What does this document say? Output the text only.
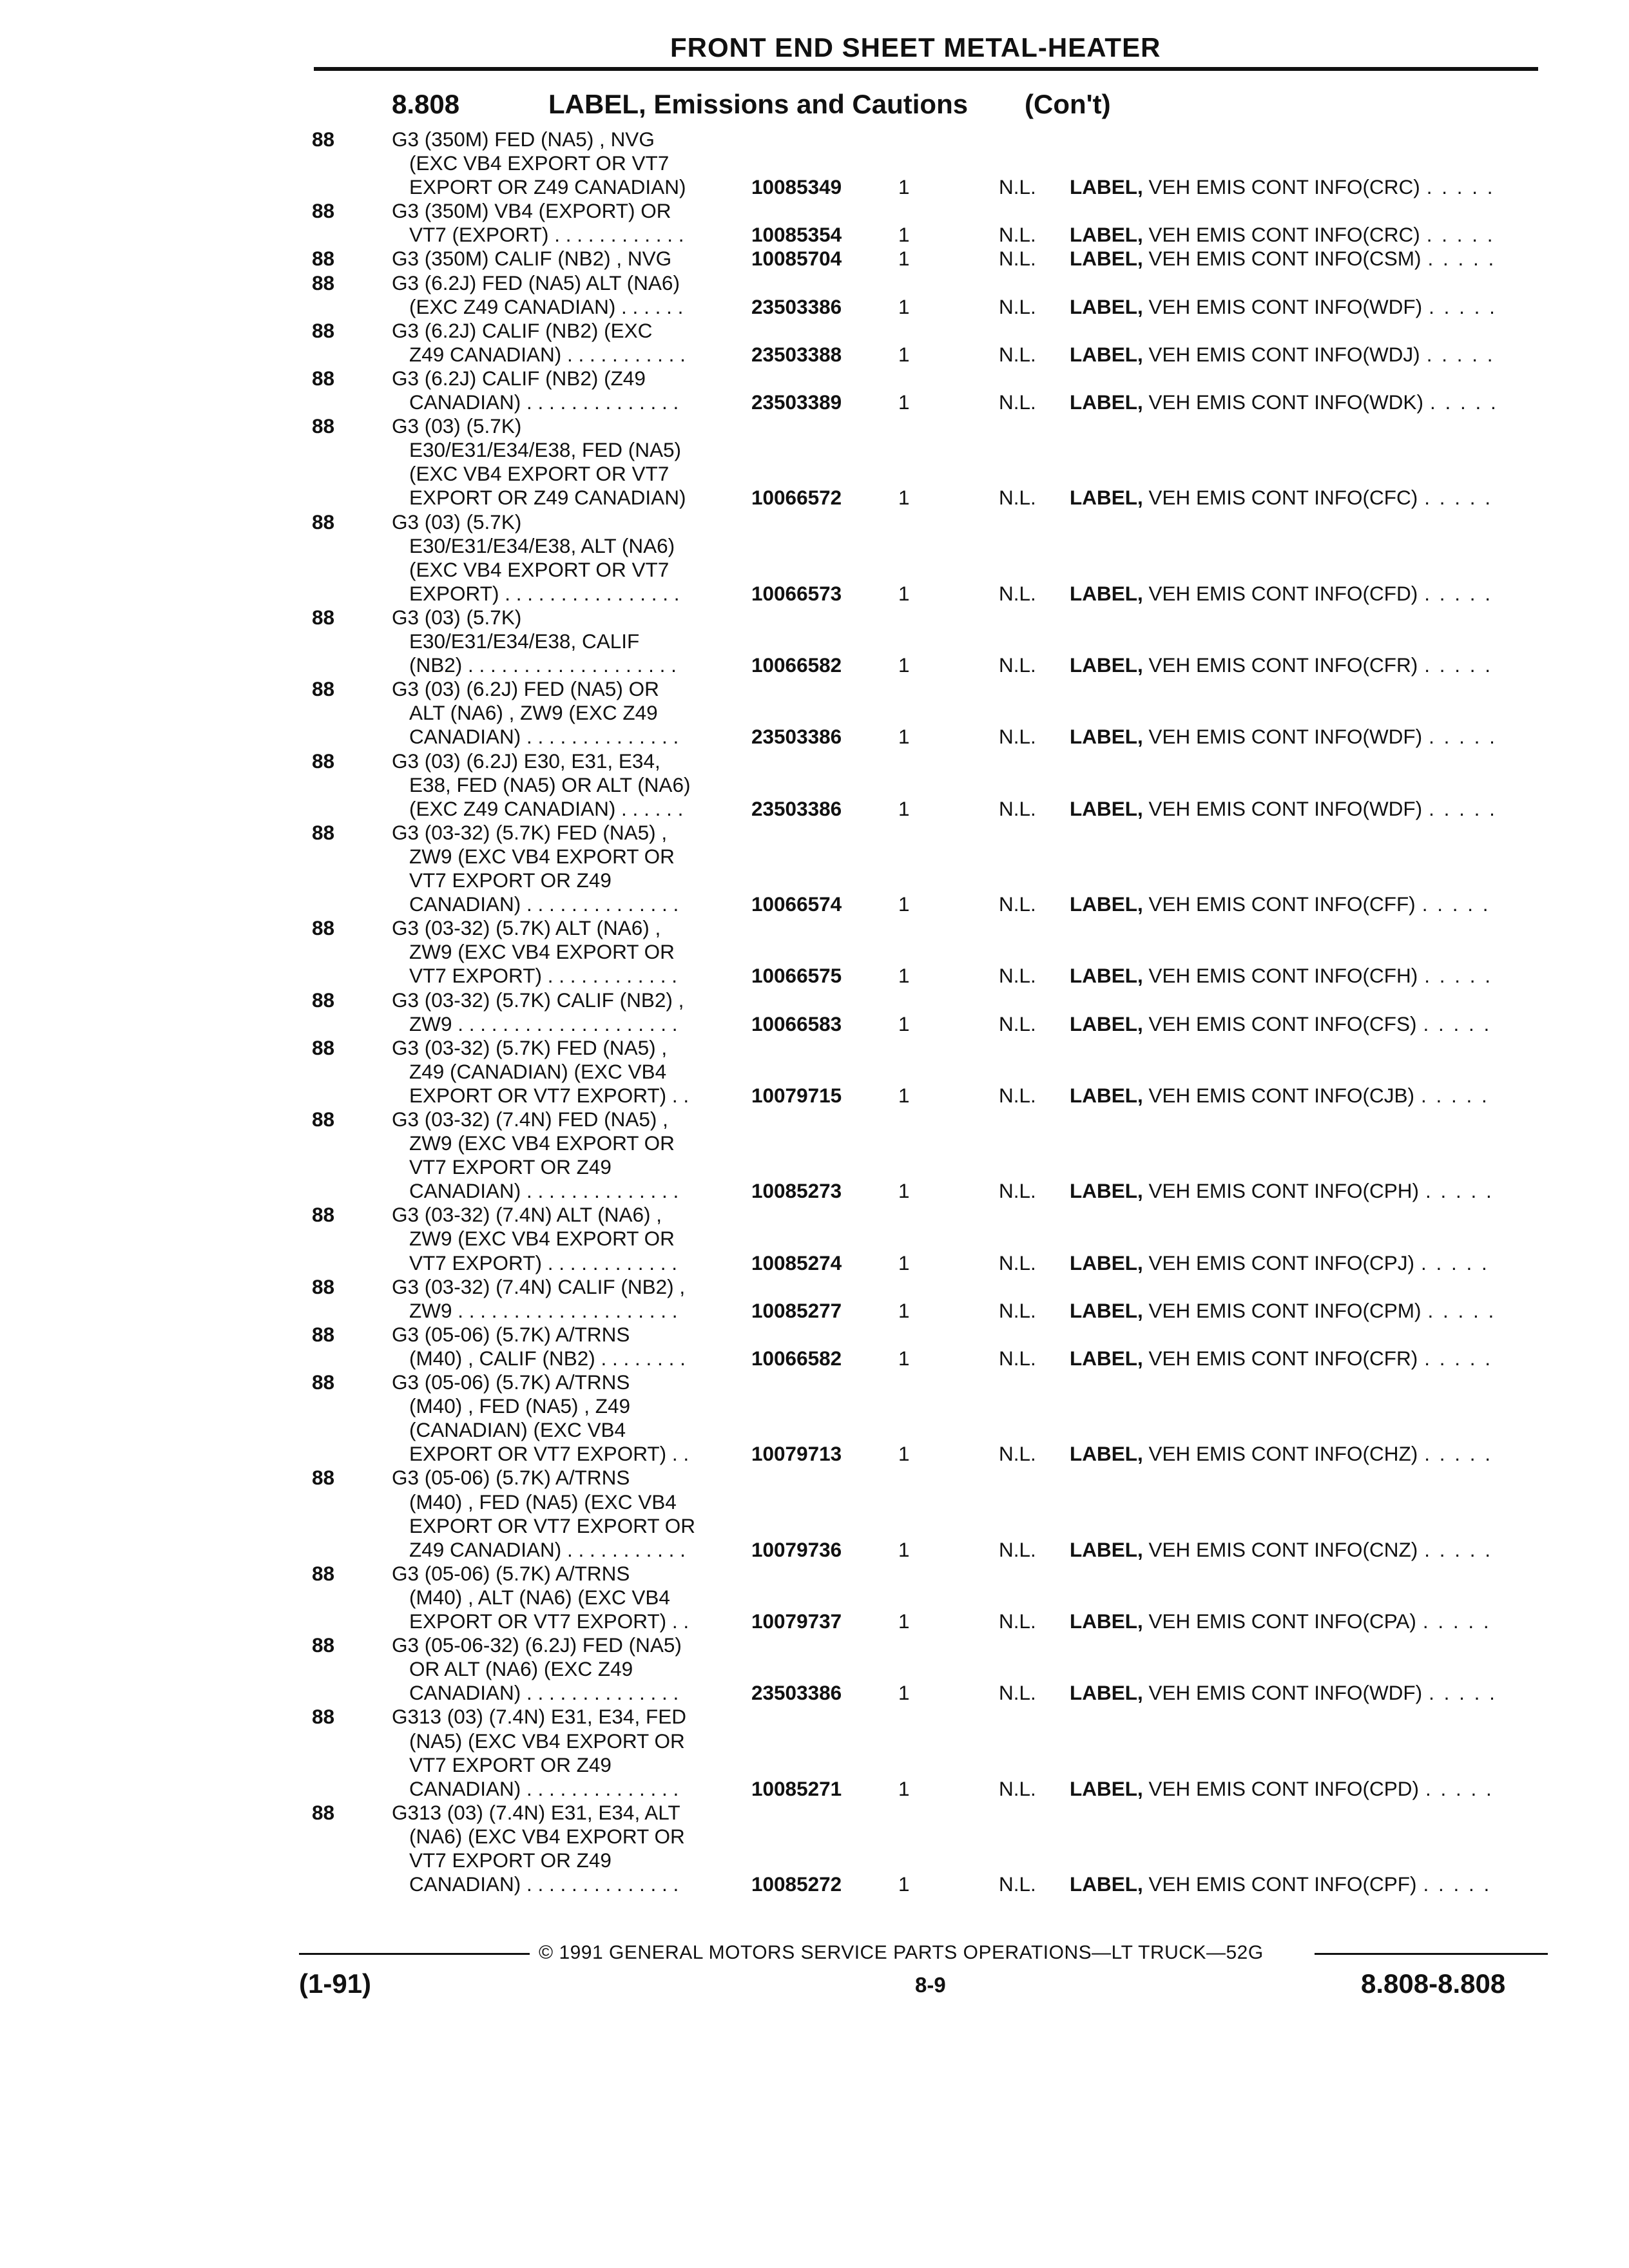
FRONT END SHEET METAL-HEATER
8.808	LABEL, Emissions and Cautions (Con't)
88	G3 (350M) FED (NA5) , NVG
(EXC VB4 EXPORT OR VT7
EXPORT OR Z49 CANADIAN)	10085349	1	N.L. LABEL, VEH EMIS CONT INFO(CRC) . . . . .
88	G3 (350M) VB4 (EXPORT) OR
VT7 (EXPORT) . . . . . . . . . . . .	10085354	1	N.L. LABEL, VEH EMIS CONT INFO(CRC) . . . . .
88	G3 (350M) CALIF (NB2) , NVG	10085704	1	N.L. LABEL, VEH EMIS CONT INFO(CSM) . . . . .
88	G3 (6.2J) FED (NA5) ALT (NA6)
(EXC Z49 CANADIAN) . . . . . .	23503386	1	N.L. LABEL, VEH EMIS CONT INFO(WDF) . . . . .
88	G3 (6.2J) CALIF (NB2) (EXC
Z49 CANADIAN) . . . . . . . . . . .	23503388	1	N.L. LABEL, VEH EMIS CONT INFO(WDJ) . . . . .
88	G3 (6.2J) CALIF (NB2) (Z49
CANADIAN) . . . . . . . . . . . . . .	23503389	1	N.L. LABEL, VEH EMIS CONT INFO(WDK) . . . . .
88	G3 (03) (5.7K)
E30/E31/E34/E38, FED (NA5)
(EXC VB4 EXPORT OR VT7
EXPORT OR Z49 CANADIAN)	10066572	1	N.L. LABEL, VEH EMIS CONT INFO(CFC) . . . . .
88	G3 (03) (5.7K)
E30/E31/E34/E38, ALT (NA6)
(EXC VB4 EXPORT OR VT7
EXPORT) . . . . . . . . . . . . . . . .	10066573	1	N.L. LABEL, VEH EMIS CONT INFO(CFD) . . . . .
88	G3 (03) (5.7K)
E30/E31/E34/E38, CALIF
(NB2) . . . . . . . . . . . . . . . . . . .	10066582	1	N.L. LABEL, VEH EMIS CONT INFO(CFR) . . . . .
88	G3 (03) (6.2J) FED (NA5) OR
ALT (NA6) , ZW9 (EXC Z49
CANADIAN) . . . . . . . . . . . . . .	23503386	1	N.L. LABEL, VEH EMIS CONT INFO(WDF) . . . . .
88	G3 (03) (6.2J) E30, E31, E34,
E38, FED (NA5) OR ALT (NA6)
(EXC Z49 CANADIAN) . . . . . .	23503386	1	N.L. LABEL, VEH EMIS CONT INFO(WDF) . . . . .
88	G3 (03-32) (5.7K) FED (NA5) ,
ZW9 (EXC VB4 EXPORT OR
VT7 EXPORT OR Z49
CANADIAN) . . . . . . . . . . . . . .	10066574	1	N.L. LABEL, VEH EMIS CONT INFO(CFF) . . . . .
88	G3 (03-32) (5.7K) ALT (NA6) ,
ZW9 (EXC VB4 EXPORT OR
VT7 EXPORT) . . . . . . . . . . . .	10066575	1	N.L. LABEL, VEH EMIS CONT INFO(CFH) . . . . .
88	G3 (03-32) (5.7K) CALIF (NB2) ,
ZW9 . . . . . . . . . . . . . . . . . . . .	10066583	1	N.L. LABEL, VEH EMIS CONT INFO(CFS) . . . . .
88	G3 (03-32) (5.7K) FED (NA5) ,
Z49 (CANADIAN) (EXC VB4
EXPORT OR VT7 EXPORT) . .	10079715	1	N.L. LABEL, VEH EMIS CONT INFO(CJB) . . . . .
88	G3 (03-32) (7.4N) FED (NA5) ,
ZW9 (EXC VB4 EXPORT OR
VT7 EXPORT OR Z49
CANADIAN) . . . . . . . . . . . . . .	10085273	1	N.L. LABEL, VEH EMIS CONT INFO(CPH) . . . . .
88	G3 (03-32) (7.4N) ALT (NA6) ,
ZW9 (EXC VB4 EXPORT OR
VT7 EXPORT) . . . . . . . . . . . .	10085274	1	N.L. LABEL, VEH EMIS CONT INFO(CPJ) . . . . .
88	G3 (03-32) (7.4N) CALIF (NB2) ,
ZW9 . . . . . . . . . . . . . . . . . . . .	10085277	1	N.L. LABEL, VEH EMIS CONT INFO(CPM) . . . . .
88	G3 (05-06) (5.7K) A/TRNS
(M40) , CALIF (NB2) . . . . . . . .	10066582	1	N.L. LABEL, VEH EMIS CONT INFO(CFR) . . . . .
88	G3 (05-06) (5.7K) A/TRNS
(M40) , FED (NA5) , Z49
(CANADIAN) (EXC VB4
EXPORT OR VT7 EXPORT) . .	10079713	1	N.L. LABEL, VEH EMIS CONT INFO(CHZ) . . . . .
88	G3 (05-06) (5.7K) A/TRNS
(M40) , FED (NA5) (EXC VB4
EXPORT OR VT7 EXPORT OR
Z49 CANADIAN) . . . . . . . . . . .	10079736	1	N.L. LABEL, VEH EMIS CONT INFO(CNZ) . . . . .
88	G3 (05-06) (5.7K) A/TRNS
(M40) , ALT (NA6) (EXC VB4
EXPORT OR VT7 EXPORT) . .	10079737	1	N.L. LABEL, VEH EMIS CONT INFO(CPA) . . . . .
88	G3 (05-06-32) (6.2J) FED (NA5)
OR ALT (NA6) (EXC Z49
CANADIAN) . . . . . . . . . . . . . .	23503386	1	N.L. LABEL, VEH EMIS CONT INFO(WDF) . . . . .
88	G313 (03) (7.4N) E31, E34, FED
(NA5) (EXC VB4 EXPORT OR
VT7 EXPORT OR Z49
CANADIAN) . . . . . . . . . . . . . .	10085271	1	N.L. LABEL, VEH EMIS CONT INFO(CPD) . . . . .
88	G313 (03) (7.4N) E31, E34, ALT
(NA6) (EXC VB4 EXPORT OR
VT7 EXPORT OR Z49
CANADIAN) . . . . . . . . . . . . . .	10085272	1	N.L. LABEL, VEH EMIS CONT INFO(CPF) . . . . .
© 1991 GENERAL MOTORS SERVICE PARTS OPERATIONS—LT TRUCK—52G
(1-91)	8-9	8.808-8.808
